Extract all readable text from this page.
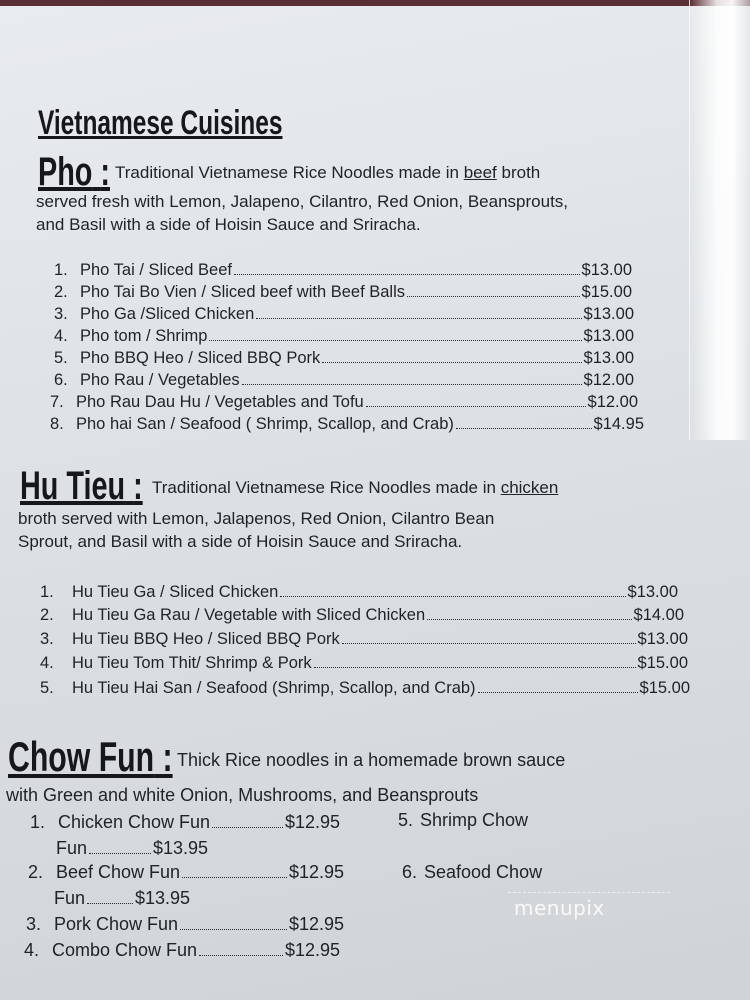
Vietnamese Cuisines
Pho : Traditional Vietnamese Rice Noodles made in beef broth
served fresh with Lemon, Jalapeno, Cilantro, Red Onion, Beansprouts,
and Basil with a side of Hoisin Sauce and Sriracha.
1. Pho Tai / Sliced Beef	$13.00
2. Pho Tai Bo Vien / Sliced beef with Beef Balls	$15.00
3. Pho Ga /Sliced Chicken	$13.00
4. Pho tom / Shrimp	$13.00
5. Pho BBQ Heo / Sliced BBQ Pork	$13.00
6. Pho Rau / Vegetables	$12.00
7. Pho Rau Dau Hu / Vegetables and Tofu	$12.00
8. Pho hai San / Seafood ( Shrimp, Scallop, and Crab)	$14.95
Hu Tieu : Traditional Vietnamese Rice Noodles made in chicken
broth served with Lemon, Jalapenos, Red Onion, Cilantro Bean
Sprout, and Basil with a side of Hoisin Sauce and Sriracha.
1.	Hu Tieu Ga / Sliced Chicken	$13.00
2.	Hu Tieu Ga Rau / Vegetable with Sliced Chicken	$14.00
3.	Hu Tieu BBQ Heo / Sliced BBQ Pork	$13.00
4.	Hu Tieu Tom Thit/ Shrimp & Pork	$15.00
5.	Hu Tieu Hai San / Seafood (Shrimp, Scallop, and Crab)	$15.00
Chow Fun : Thick Rice noodles in a homemade brown sauce
with Green and white Onion, Mushrooms, and Beansprouts
1. Chicken Chow Fun	$12.95
Fun	$13.95
2. Beef Chow Fun	$12.95
Fun	$13.95
3. Pork Chow Fun	$12.95
4. Combo Chow Fun	$12.95
5. Shrimp Chow
6. Seafood Chow
menupix
